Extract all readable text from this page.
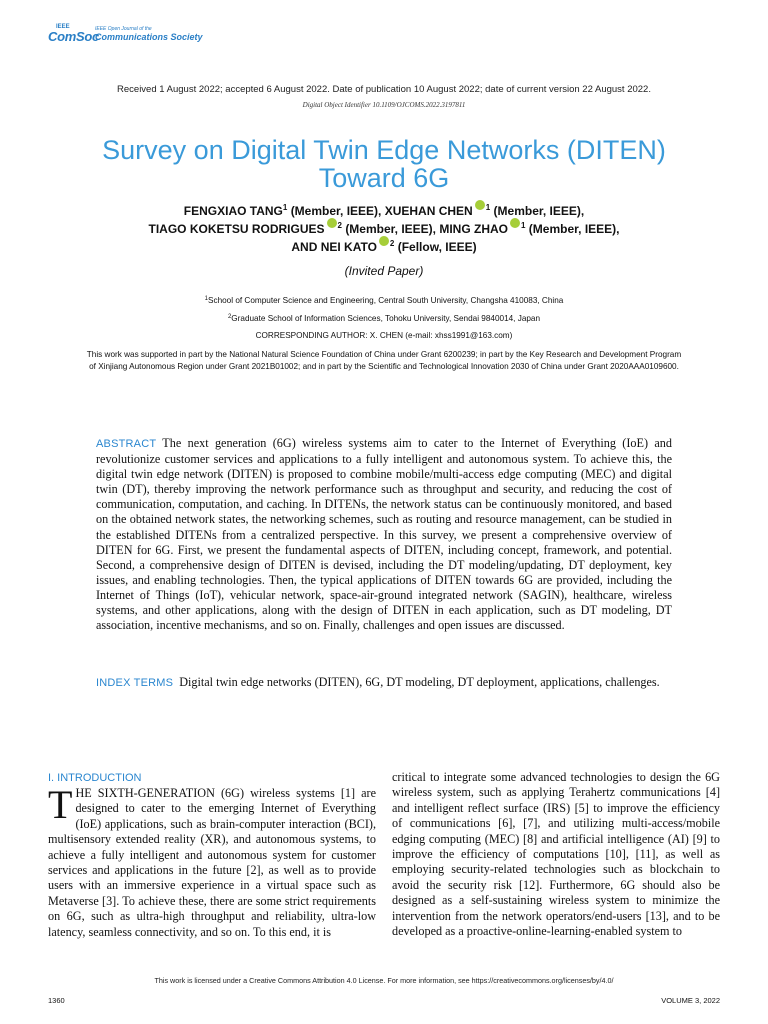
IEEE
ComSoc
IEEE Open Journal of the
Communications Society
Received 1 August 2022; accepted 6 August 2022. Date of publication 10 August 2022; date of current version 22 August 2022.
Digital Object Identifier 10.1109/OJCOMS.2022.3197811
Survey on Digital Twin Edge Networks (DITEN)
Toward 6G
FENGXIAO TANG$^1$ (Member, IEEE), XUEHAN CHEN $^1$ (Member, IEEE),
TIAGO KOKETSU RODRIGUES $^2$ (Member, IEEE), MING ZHAO $^1$ (Member, IEEE),
AND NEI KATO $^2$ (Fellow, IEEE)
(Invited Paper)
$^1$School of Computer Science and Engineering, Central South University, Changsha 410083, China
$^2$Graduate School of Information Sciences, Tohoku University, Sendai 9840014, Japan
CORRESPONDING AUTHOR: X. CHEN (e-mail: xhss1991@163.com)
This work was supported in part by the National Natural Science Foundation of China under Grant 6200239; in part by the Key Research and Development Program of Xinjiang Autonomous Region under Grant 2021B01002; and in part by the Scientific and Technological Innovation 2030 of China under Grant 2020AAA0109600.
ABSTRACT The next generation (6G) wireless systems aim to cater to the Internet of Everything (IoE) and revolutionize customer services and applications to a fully intelligent and autonomous system. To achieve this, the digital twin edge network (DITEN) is proposed to combine mobile/multi-access edge computing (MEC) and digital twin (DT), thereby improving the network performance such as throughput and security, and reducing the cost of communication, computation, and caching. In DITENs, the network status can be continuously monitored, and based on the obtained network states, the networking schemes, such as routing and resource management, can be studied in the established DITENs from a centralized perspective. In this survey, we present a comprehensive overview of DITEN for 6G. First, we present the fundamental aspects of DITEN, including concept, framework, and potential. Second, a comprehensive design of DITEN is devised, including the DT modeling/updating, DT deployment, key issues, and enabling technologies. Then, the typical applications of DITEN towards 6G are provided, including the Internet of Things (IoT), vehicular network, space-air-ground integrated network (SAGIN), healthcare, wireless systems, and other applications, along with the design of DITEN in each application, such as DT modeling, DT association, incentive mechanisms, and so on. Finally, challenges and open issues are discussed.
INDEX TERMS Digital twin edge networks (DITEN), 6G, DT modeling, DT deployment, applications, challenges.
I. INTRODUCTION
T HE SIXTH-GENERATION (6G) wireless systems [1] are designed to cater to the emerging Internet of Everything (IoE) applications, such as brain-computer interaction (BCI), multisensory extended reality (XR), and autonomous systems, to achieve a fully intelligent and autonomous system for customer services and applications in the future [2], as well as to provide users with an immersive experience in a virtual space such as Metaverse [3]. To achieve these, there are some strict requirements on 6G, such as ultra-high throughput and reliability, ultra-low latency, seamless connectivity, and so on. To this end, it is
critical to integrate some advanced technologies to design the 6G wireless system, such as applying Terahertz communications [4] and intelligent reflect surface (IRS) [5] to improve the efficiency of communications [6], [7], and utilizing multi-access/mobile edging computing (MEC) [8] and artificial intelligence (AI) [9] to improve the efficiency of computations [10], [11], as well as employing security-related technologies such as blockchain to avoid the security risk [12]. Furthermore, 6G should also be designed as a self-sustaining wireless system to minimize the intervention from the network operators/end-users [13], and to be developed as a proactive-online-learning-enabled system to
This work is licensed under a Creative Commons Attribution 4.0 License. For more information, see https://creativecommons.org/licenses/by/4.0/
1360	VOLUME 3, 2022
